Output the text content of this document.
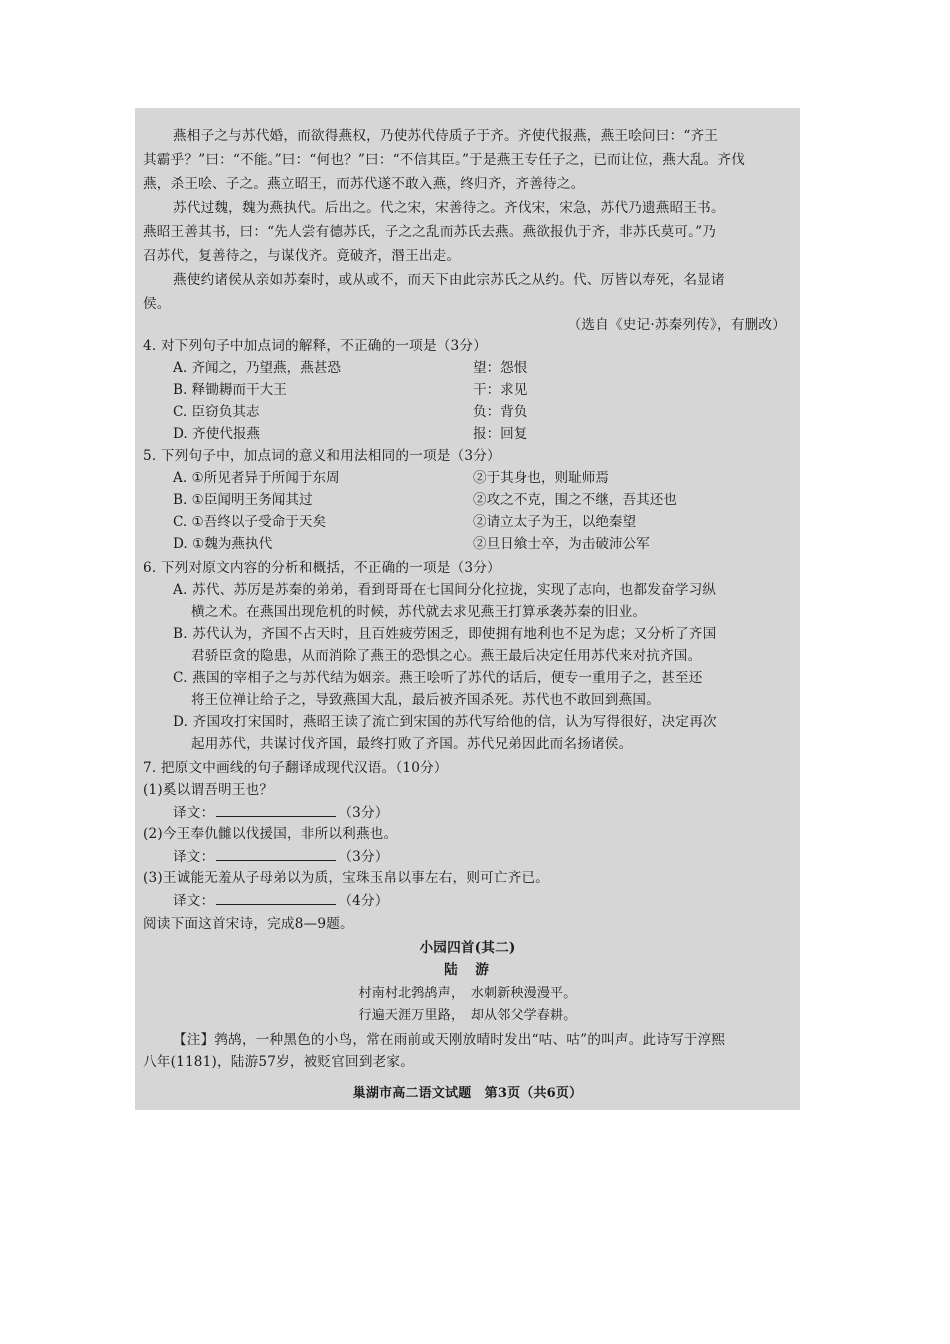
燕相子之与苏代婚，而欲得燕权，乃使苏代侍质子于齐。齐使代报燕，燕王哙问曰：“齐王
其霸乎？”曰：“不能。”曰：“何也？”曰：“不信其臣。”于是燕王专任子之，已而让位，燕大乱。齐伐
燕，杀王哙、子之。燕立昭王，而苏代遂不敢入燕，终归齐，齐善待之。
苏代过魏，魏为燕执代。后出之。代之宋，宋善待之。齐伐宋，宋急，苏代乃遗燕昭王书。
燕昭王善其书，曰：“先人尝有德苏氏，子之之乱而苏氏去燕。燕欲报仇于齐，非苏氏莫可。”乃
召苏代，复善待之，与谋伐齐。竟破齐，湣王出走。
燕使约诸侯从亲如苏秦时，或从或不，而天下由此宗苏氏之从约。代、厉皆以寿死，名显诸
侯。
（选自《史记·苏秦列传》，有删改）
4. 对下列句子中加点词的解释，不正确的一项是（3分）
A. 齐闻之，乃望燕，燕甚恐	望：怨恨
B. 释锄耨而干大王	干：求见
C. 臣窃负其志	负：背负
D. 齐使代报燕	报：回复
5. 下列句子中，加点词的意义和用法相同的一项是（3分）
A. ①所见者异于所闻于东周	②于其身也，则耻师焉
B. ①臣闻明王务闻其过	②攻之不克，围之不继，吾其还也
C. ①吾终以子受命于天矣	②请立太子为王，以绝秦望
D. ①魏为燕执代	②旦日飨士卒，为击破沛公军
6. 下列对原文内容的分析和概括，不正确的一项是（3分）
A. 苏代、苏厉是苏秦的弟弟，看到哥哥在七国间分化拉拢，实现了志向，也都发奋学习纵
横之术。在燕国出现危机的时候，苏代就去求见燕王打算承袭苏秦的旧业。
B. 苏代认为，齐国不占天时，且百姓疲劳困乏，即使拥有地利也不足为虑；又分析了齐国
君骄臣贪的隐患，从而消除了燕王的恐惧之心。燕王最后决定任用苏代来对抗齐国。
C. 燕国的宰相子之与苏代结为姻亲。燕王哙听了苏代的话后，便专一重用子之，甚至还
将王位禅让给子之，导致燕国大乱，最后被齐国杀死。苏代也不敢回到燕国。
D. 齐国攻打宋国时，燕昭王读了流亡到宋国的苏代写给他的信，认为写得很好，决定再次
起用苏代，共谋讨伐齐国，最终打败了齐国。苏代兄弟因此而名扬诸侯。
7. 把原文中画线的句子翻译成现代汉语。（10分）
(1)奚以谓吾明王也？
译文：	（3分）
(2)今王奉仇雠以伐援国，非所以利燕也。
译文：	（3分）
(3)王诚能无羞从子母弟以为质，宝珠玉帛以事左右，则可亡齐已。
译文：	（4分）
阅读下面这首宋诗，完成8—9题。
小园四首(其二)
陆　游
村南村北鹁鸪声，　水刺新秧漫漫平。
行遍天涯万里路，　却从邻父学春耕。
【注】鹁鸪，一种黑色的小鸟，常在雨前或天刚放晴时发出“咕、咕”的叫声。此诗写于淳熙
八年(1181)，陆游57岁，被贬官回到老家。
巢湖市高二语文试题　第3页（共6页）
